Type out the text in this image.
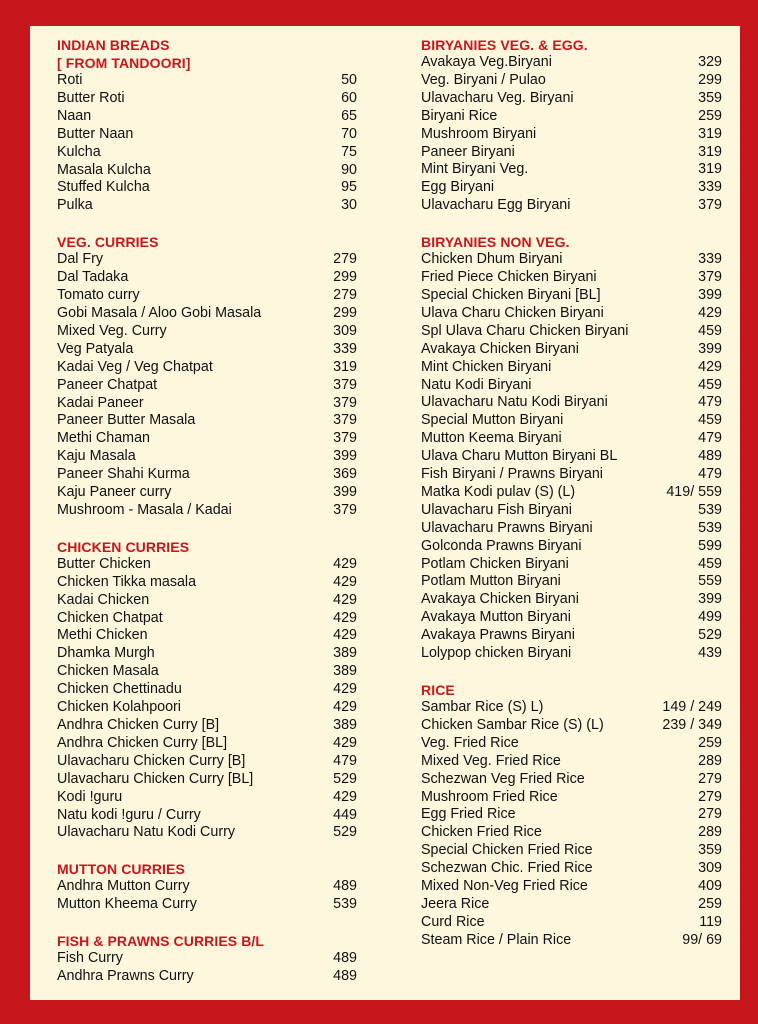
INDIAN BREADS
[ FROM TANDOORI]
Roti	50
Butter Roti	60
Naan	65
Butter Naan	70
Kulcha	75
Masala Kulcha	90
Stuffed Kulcha	95
Pulka	30
VEG. CURRIES
Dal Fry	279
Dal Tadaka	299
Tomato curry	279
Gobi Masala / Aloo Gobi Masala	299
Mixed Veg. Curry	309
Veg Patyala	339
Kadai Veg / Veg Chatpat	319
Paneer Chatpat	379
Kadai Paneer	379
Paneer Butter Masala	379
Methi Chaman	379
Kaju Masala	399
Paneer Shahi Kurma	369
Kaju Paneer curry	399
Mushroom - Masala / Kadai	379
CHICKEN CURRIES
Butter Chicken	429
Chicken Tikka masala	429
Kadai Chicken	429
Chicken Chatpat	429
Methi Chicken	429
Dhamka Murgh	389
Chicken Masala	389
Chicken Chettinadu	429
Chicken Kolahpoori	429
Andhra Chicken Curry [B]	389
Andhra Chicken Curry [BL]	429
Ulavacharu Chicken Curry [B]	479
Ulavacharu Chicken Curry [BL]	529
Kodi !guru	429
Natu kodi !guru / Curry	449
Ulavacharu Natu Kodi Curry	529
MUTTON CURRIES
Andhra Mutton Curry	489
Mutton Kheema Curry	539
FISH & PRAWNS CURRIES B/L
Fish Curry	489
Andhra Prawns Curry	489
BIRYANIES VEG. & EGG.
Avakaya Veg.Biryani	329
Veg. Biryani / Pulao	299
Ulavacharu Veg. Biryani	359
Biryani Rice	259
Mushroom Biryani	319
Paneer Biryani	319
Mint Biryani Veg.	319
Egg Biryani	339
Ulavacharu Egg Biryani	379
BIRYANIES NON VEG.
Chicken Dhum Biryani	339
Fried Piece Chicken Biryani	379
Special Chicken Biryani [BL]	399
Ulava Charu Chicken Biryani	429
Spl Ulava Charu Chicken Biryani	459
Avakaya Chicken Biryani	399
Mint Chicken Biryani	429
Natu Kodi Biryani	459
Ulavacharu Natu Kodi Biryani	479
Special Mutton Biryani	459
Mutton Keema Biryani	479
Ulava Charu Mutton Biryani BL	489
Fish Biryani / Prawns Biryani	479
Matka Kodi pulav (S) (L)	419/ 559
Ulavacharu Fish Biryani	539
Ulavacharu Prawns Biryani	539
Golconda Prawns Biryani	599
Potlam Chicken Biryani	459
Potlam Mutton Biryani	559
Avakaya Chicken Biryani	399
Avakaya Mutton Biryani	499
Avakaya Prawns Biryani	529
Lolypop chicken Biryani	439
RICE
Sambar Rice (S) L)	149 / 249
Chicken Sambar Rice (S) (L)	239 / 349
Veg. Fried Rice	259
Mixed Veg. Fried Rice	289
Schezwan Veg Fried Rice	279
Mushroom Fried Rice	279
Egg Fried Rice	279
Chicken Fried Rice	289
Special Chicken Fried Rice	359
Schezwan Chic. Fried Rice	309
Mixed Non-Veg Fried Rice	409
Jeera Rice	259
Curd Rice	119
Steam Rice / Plain Rice	99/ 69
